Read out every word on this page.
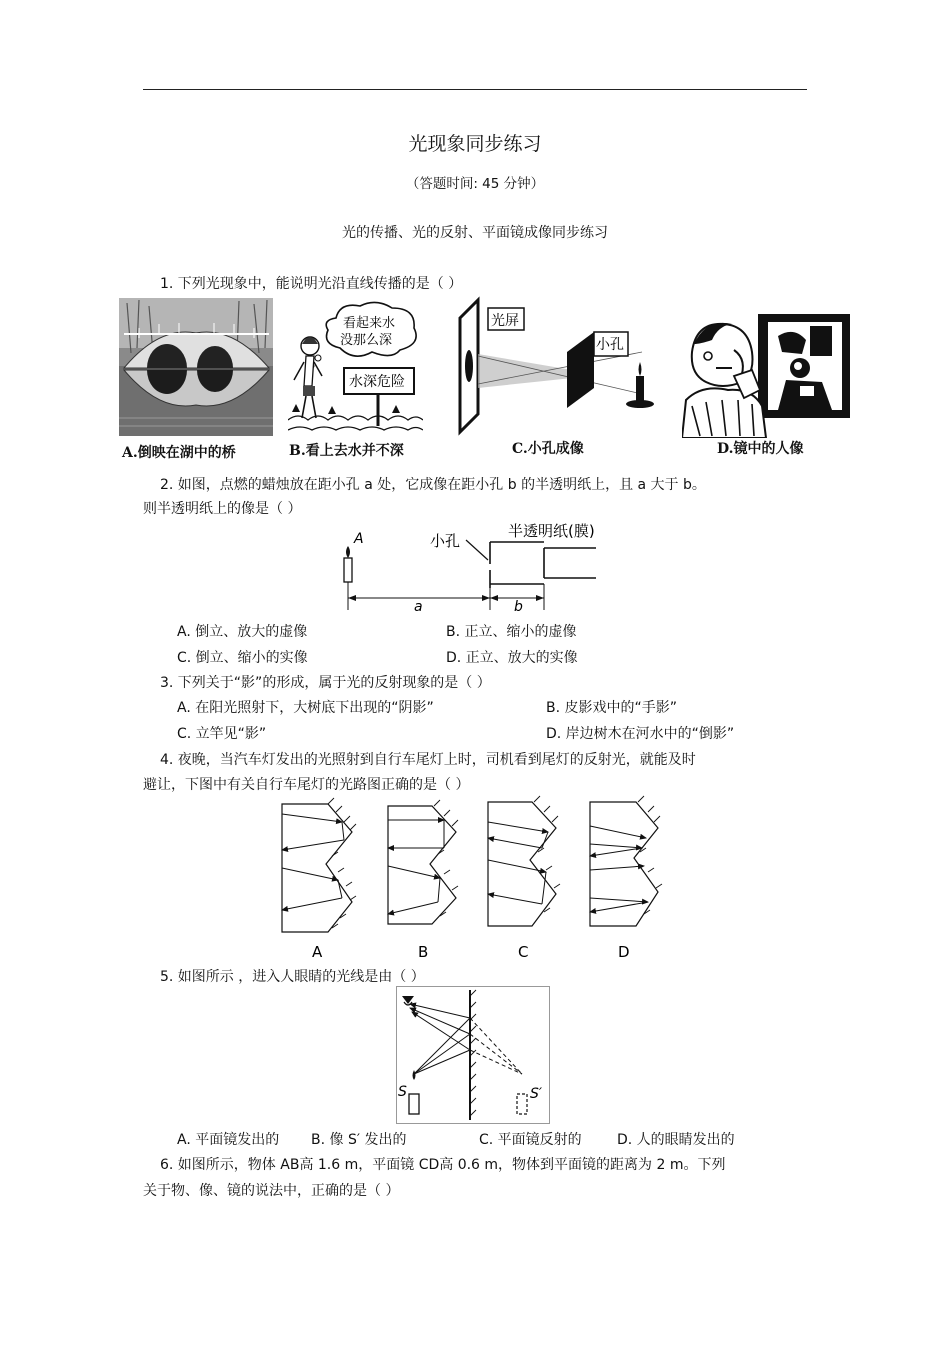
光现象同步练习
（答题时间: 45 分钟）
光的传播、光的反射、平面镜成像同步练习
1. 下列光现象中，能说明光沿直线传播的是（ ）
看起来水
没那么深
水深危险
光屏
小孔
A.倒映在湖中的桥	B.看上去水并不深	C.小孔成像	D.镜中的人像
2. 如图，点燃的蜡烛放在距小孔 a 处，它成像在距小孔 b 的半透明纸上，且 a 大于 b。
则半透明纸上的像是（ ）
A	小孔
半透明纸(膜)
a	b
A. 倒立、放大的虚像	B. 正立、缩小的虚像
C. 倒立、缩小的实像	D. 正立、放大的实像
3. 下列关于“影”的形成，属于光的反射现象的是（ ）
A. 在阳光照射下，大树底下出现的“阴影”	B. 皮影戏中的“手影”
C. 立竿见“影”	D. 岸边树木在河水中的“倒影”
4. 夜晚，当汽车灯发出的光照射到自行车尾灯上时，司机看到尾灯的反射光，就能及时
避让，下图中有关自行车尾灯的光路图正确的是（ ）
A	B	C	D
5. 如图所示 ，进入人眼睛的光线是由（ ）
S	S′
A. 平面镜发出的 B. 像 S′ 发出的	C. 平面镜反射的	D. 人的眼睛发出的
6. 如图所示，物体 AB高 1.6 m，平面镜 CD高 0.6 m，物体到平面镜的距离为 2 m。下列
关于物、像、镜的说法中，正确的是（ ）
